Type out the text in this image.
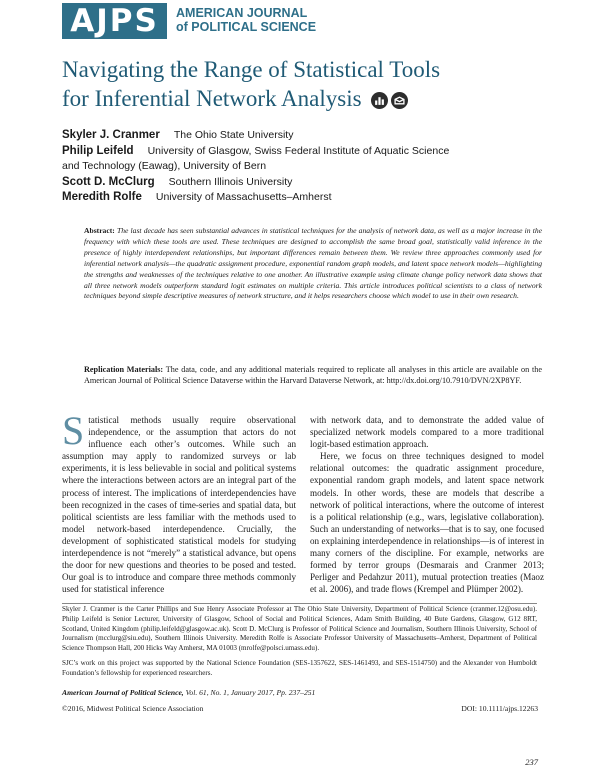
AJPS	AMERICAN JOURNAL
of POLITICAL SCIENCE
Navigating the Range of Statistical Tools
for Inferential Network Analysis
Skyler J. Cranmer The Ohio State University
Philip Leifeld University of Glasgow, Swiss Federal Institute of Aquatic Science
and Technology (Eawag), University of Bern
Scott D. McClurg Southern Illinois University
Meredith Rolfe University of Massachusetts–Amherst
Abstract: The last decade has seen substantial advances in statistical techniques for the analysis of network data, as well as a major increase in the frequency with which these tools are used. These techniques are designed to accomplish the same broad goal, statistically valid inference in the presence of highly interdependent relationships, but important differences remain between them. We review three approaches commonly used for inferential network analysis—the quadratic assignment procedure, exponential random graph models, and latent space network models—highlighting the strengths and weaknesses of the techniques relative to one another. An illustrative example using climate change policy network data shows that all three network models outperform standard logit estimates on multiple criteria. This article introduces political scientists to a class of network techniques beyond simple descriptive measures of network structure, and it helps researchers choose which model to use in their own research.
Replication Materials: The data, code, and any additional materials required to replicate all analyses in this article are available on the American Journal of Political Science Dataverse within the Harvard Dataverse Network, at: http://dx.doi.org/10.7910/DVN/2XP8YF.

Statistical methods usually require observational independence, or the assumption that actors do not influence each other’s outcomes. While such an assumption may apply to randomized surveys or lab experiments, it is less believable in social and political systems where the interactions between actors are an integral part of the process of interest. The implications of interdependencies have been recognized in the cases of time-series and spatial data, but political scientists are less familiar with the methods used to model network-based interdependence. Crucially, the development of sophisticated statistical models for studying interdependence is not “merely” a statistical advance, but opens the door for new questions and theories to be posed and tested. Our goal is to introduce and compare three methods commonly used for statistical inference

with network data, and to demonstrate the added value of specialized network models compared to a more traditional logit-based estimation approach.

Here, we focus on three techniques designed to model relational outcomes: the quadratic assignment procedure, exponential random graph models, and latent space network models. In other words, these are models that describe a network of political interactions, where the outcome of interest is a political relationship (e.g., wars, legislative collaboration). Such an understanding of networks—that is to say, one focused on explaining interdependence in relationships—is of interest in many corners of the discipline. For example, networks are formed by terror groups (Desmarais and Cranmer 2013; Perliger and Pedahzur 2011), mutual protection treaties (Maoz et al. 2006), and trade flows (Krempel and Plümper 2002).

Skyler J. Cranmer is the Carter Phillips and Sue Henry Associate Professor at The Ohio State University, Department of Political Science (cranmer.12@osu.edu). Philip Leifeld is Senior Lecturer, University of Glasgow, School of Social and Political Sciences, Adam Smith Building, 40 Bute Gardens, Glasgow, G12 8RT, Scotland, United Kingdom (philip.leifeld@glasgow.ac.uk). Scott D. McClurg is Professor of Political Science and Journalism, Southern Illinois University, School of Journalism (mcclurg@siu.edu), Southern Illinois University. Meredith Rolfe is Associate Professor University of Massachusetts–Amherst, Department of Political Science Thompson Hall, 200 Hicks Way Amherst, MA 01003 (mrolfe@polsci.umass.edu).

SJC’s work on this project was supported by the National Science Foundation (SES-1357622, SES-1461493, and SES-1514750) and the Alexander von Humboldt Foundation’s fellowship for experienced researchers.

American Journal of Political Science, Vol. 61, No. 1, January 2017, Pp. 237–251
©2016, Midwest Political Science Association	DOI: 10.1111/ajps.12263
237
